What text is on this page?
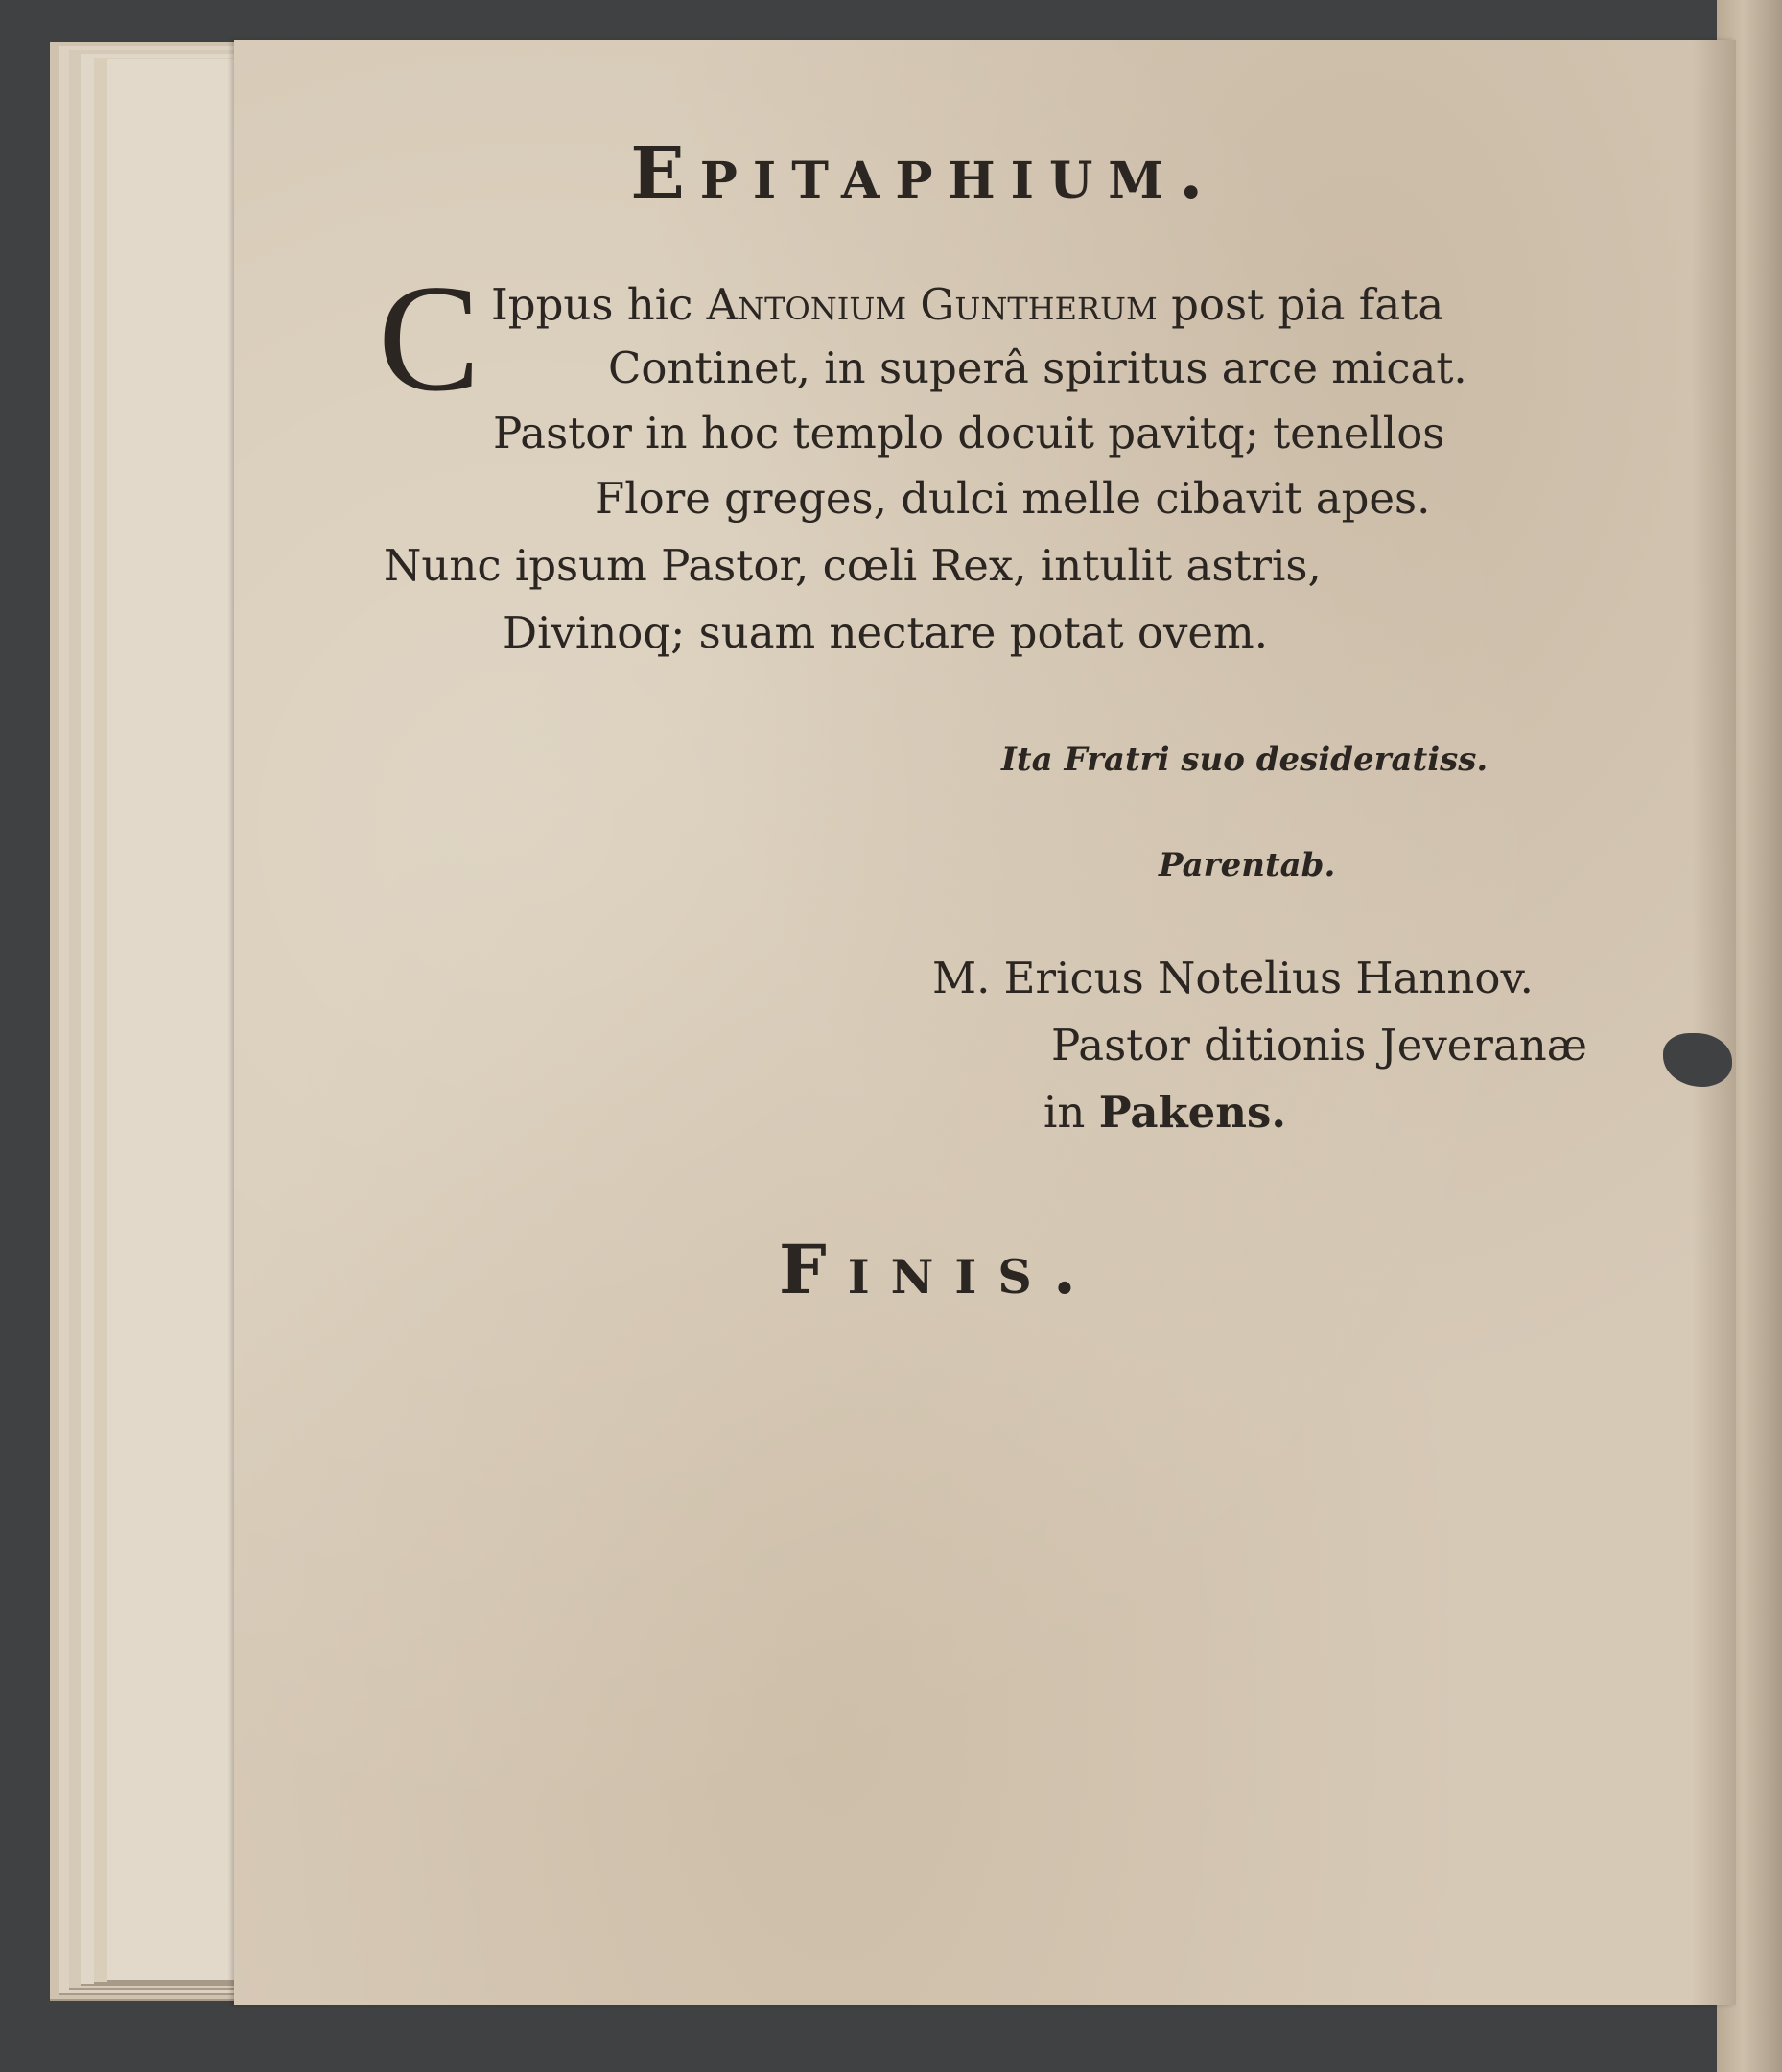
Epitaphium.
C Ippus hic Antonium Guntherum post pia fata
Continet, in superâ spiritus arce micat.
Pastor in hoc templo docuit pavitq; tenellos
Flore greges, dulci melle cibavit apes.
Nunc ipsum Pastor, cœli Rex, intulit astris,
Divinoq; suam nectare potat ovem.
Ita Fratri suo desideratiss.
Parentab.
M. Ericus Notelius Hannov.
Pastor ditionis Jeveranæ
in Pakens.
Finis.
